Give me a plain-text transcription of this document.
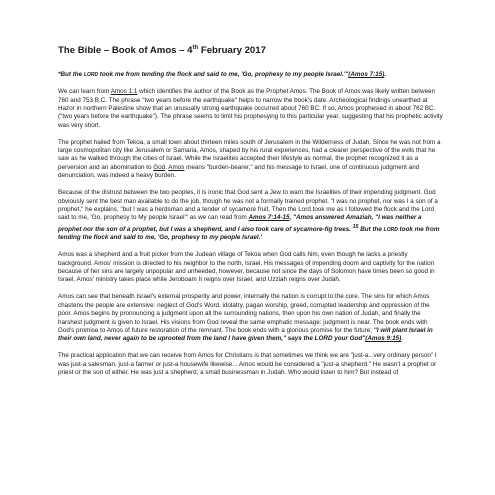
The Bible – Book of Amos – 4th February 2017

*But the LORD took me from tending the flock and said to me, 'Go, prophesy to my people Israel.'"(Amos 7:15).

We can learn from Amos 1:1 which identifies the author of the Book as the Prophet Amos. The Book of Amos was likely written between 760 and 753 B.C. The phrase "two years before the earthquake" helps to narrow the book's date. Archeological findings unearthed at Hazor in northern Palestine show that an unusually strong earthquake occurred about 760 BC. If so, Amos prophesied in about 762 BC. ("two years before the earthquake"). The phrase seems to limit his prophesying to this particular year, suggesting that his prophetic activity was very short.

The prophet hailed from Tekoa, a small town about thirteen miles south of Jerusalem in the Wilderness of Judah. Since he was not from a large cosmopolitan city like Jerusalem or Samaria, Amos, shaped by his rural experiences, had a clearer perspective of the evils that he saw as he walked through the cities of Israel. While the Israelites accepted their lifestyle as normal, the prophet recognized it as a perversion and an abomination to God. Amos means "burden-bearer," and his message to Israel, one of continuous judgment and denunciation, was indeed a heavy burden.

Because of the distrust between the two peoples, it is ironic that God sent a Jew to warn the Israelites of their impending judgment. God obviously sent the best man available to do the job, though he was not a formally trained prophet. "I was no prophet, nor was I a son of a prophet," he explains, "but I was a herdsman and a tender of sycamore fruit. Then the Lord took me as I followed the flock and the Lord said to me, 'Go, prophesy to My people Israel'" as we can read from Amos 7:14-15, "Amos answered Amaziah, "I was neither a prophet nor the son of a prophet, but I was a shepherd, and I also took care of sycamore-fig trees. $^{15}$ But the LORD took me from tending the flock and said to me, 'Go, prophesy to my people Israel.'

Amos was a shepherd and a fruit picker from the Judean village of Tekoa when God calls him, even though he lacks a priestly background. Amos' mission is directed to his neighbor to the north, Israel. His messages of impending doom and captivity for the nation because of her sins are largely unpopular and unheeded, however, because not since the days of Solomon have times been so good in Israel. Amos' ministry takes place while Jeroboam II reigns over Israel, and Uzziah reigns over Judah.

Amos can see that beneath Israel's external prosperity and power, internally the nation is corrupt to the core. The sins for which Amos chastens the people are extensive: neglect of God's Word, idolatry, pagan worship, greed, corrupted leadership and oppression of the poor. Amos begins by pronouncing a judgment upon all the surrounding nations, then upon his own nation of Judah, and finally the harshest judgment is given to Israel. His visions from God reveal the same emphatic message: judgment is near. The book ends with God's promise to Amos of future restoration of the remnant. The book ends with a glorious promise for the future; "I will plant Israel in their own land, never again to be uprooted from the land I have given them," says the LORD your God"(Amos 9:15).

The practical application that we can receive from Amos for Christians is that sometimes we think we are "just-a...very ordinary person" I was just-a salesman, just-a farmer or just-a housewife likewise... Amos would be considered a "just-a shepherd." He wasn't a prophet or priest or the son of either. He was just a shepherd, a small businessman in Judah. Who would listen to him? But instead of
